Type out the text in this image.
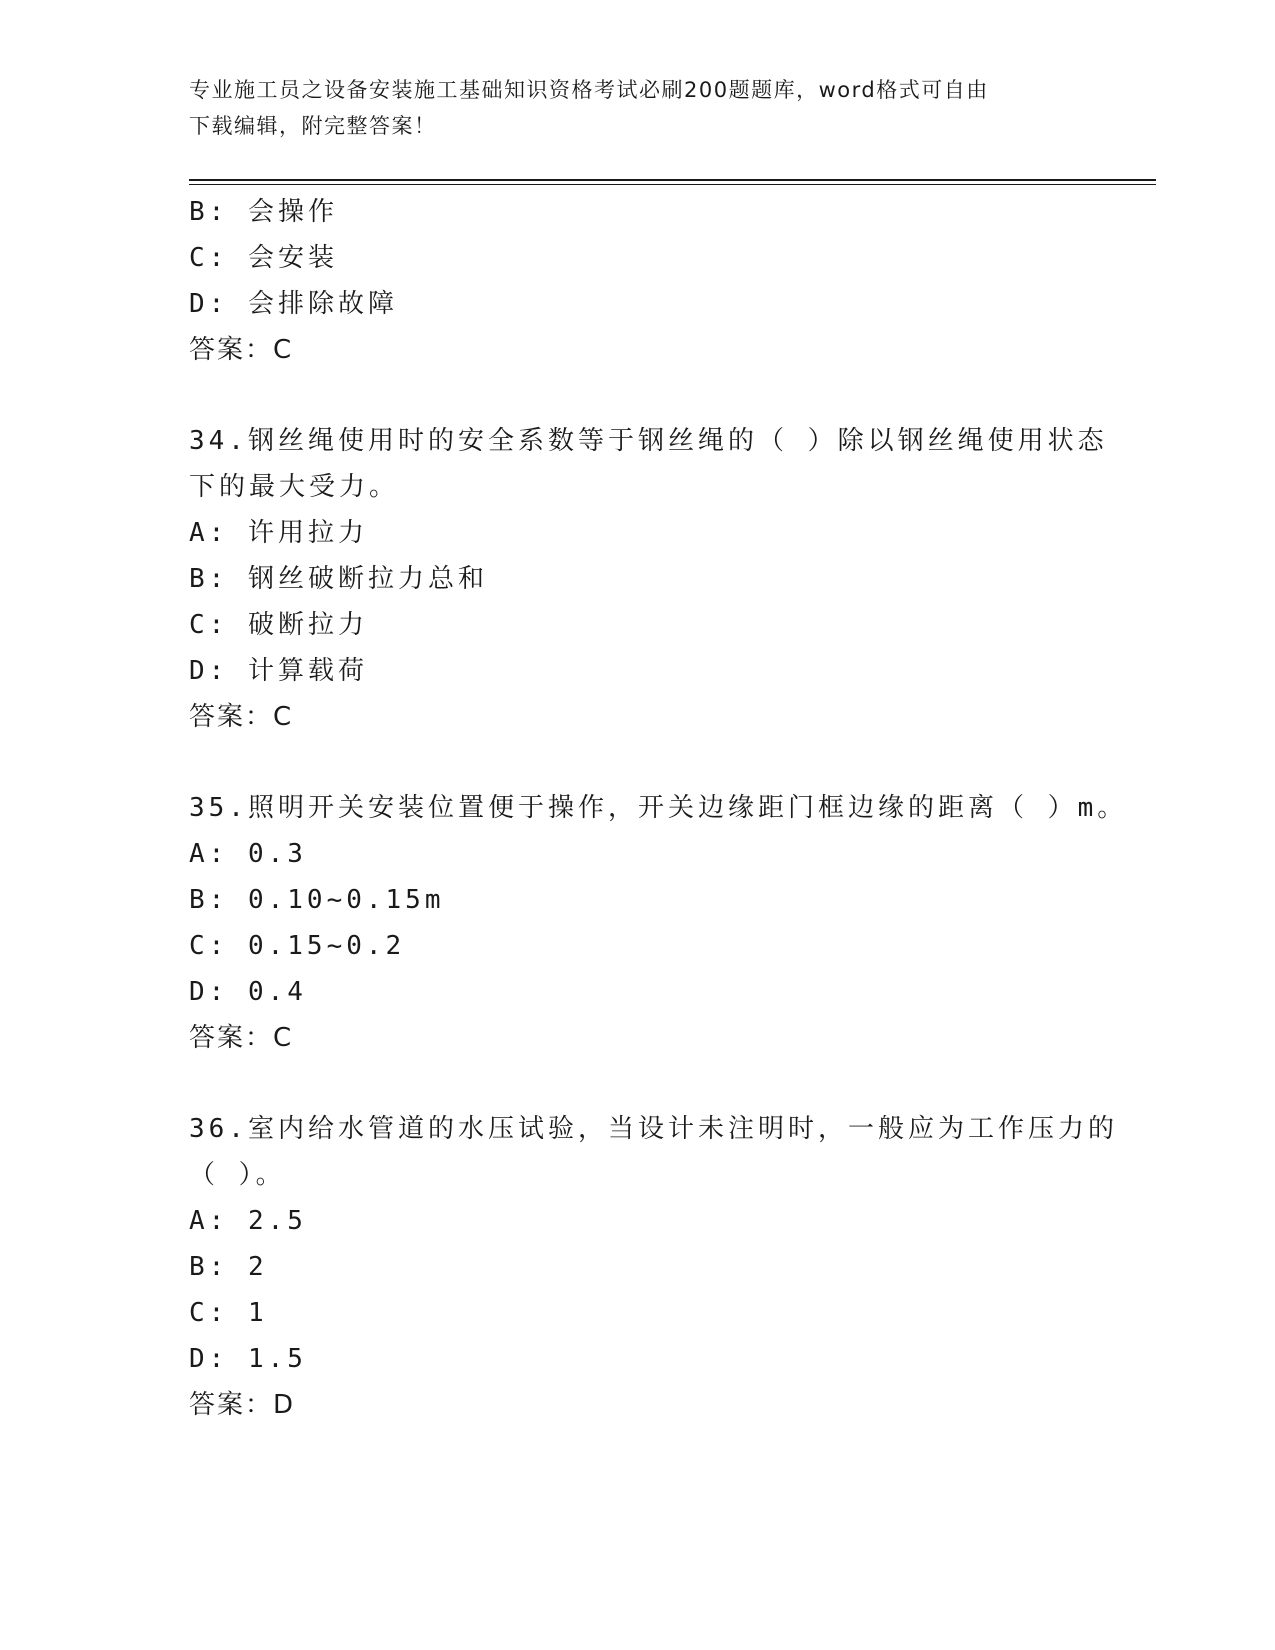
专业施工员之设备安装施工基础知识资格考试必刷200题题库，word格式可自由
下载编辑，附完整答案！
B: 会操作
C: 会安装
D: 会排除故障
答案：C
34.钢丝绳使用时的安全系数等于钢丝绳的（ ）除以钢丝绳使用状态
下的最大受力。
A: 许用拉力
B: 钢丝破断拉力总和
C: 破断拉力
D: 计算载荷
答案：C
35.照明开关安装位置便于操作，开关边缘距门框边缘的距离（ ）m。
A: 0.3
B: 0.10~0.15m
C: 0.15~0.2
D: 0.4
答案：C
36.室内给水管道的水压试验，当设计未注明时，一般应为工作压力的
（ ）。
A: 2.5
B: 2
C: 1
D: 1.5
答案：D
